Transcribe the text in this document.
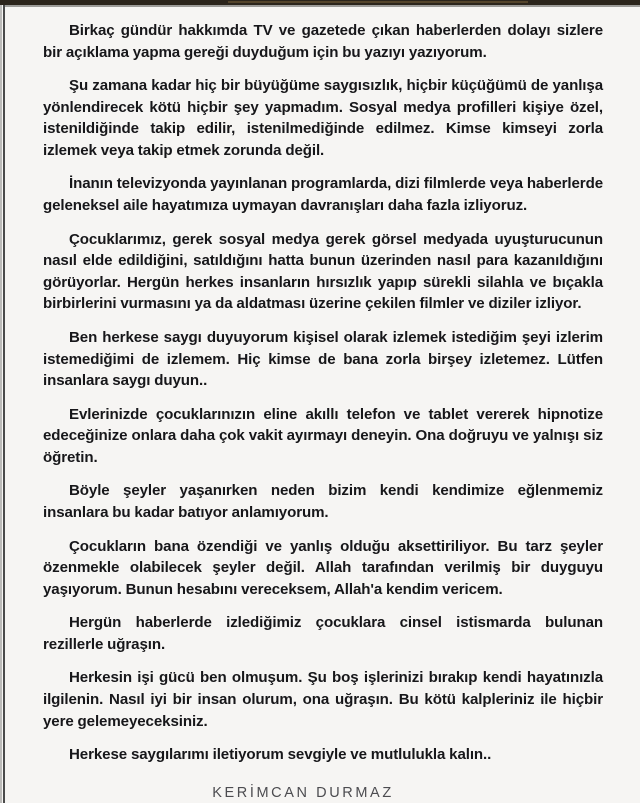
Birkaç gündür hakkımda TV ve gazetede çıkan haberlerden dolayı sizlere bir açıklama yapma gereği duyduğum için bu yazıyı yazıyorum.

Şu zamana kadar hiç bir büyüğüme saygısızlık, hiçbir küçüğümü de yanlışa yönlendirecek kötü hiçbir şey yapmadım. Sosyal medya profilleri kişiye özel, istenildiğinde takip edilir, istenilmediğinde edilmez. Kimse kimseyi zorla izlemek veya takip etmek zorunda değil.

İnanın televizyonda yayınlanan programlarda, dizi filmlerde veya haberlerde geleneksel aile hayatımıza uymayan davranışları daha fazla izliyoruz.

Çocuklarımız, gerek sosyal medya gerek görsel medyada uyuşturucunun nasıl elde edildiğini, satıldığını hatta bunun üzerinden nasıl para kazanıldığını görüyorlar. Hergün herkes insanların hırsızlık yapıp sürekli silahla ve bıçakla birbirlerini vurmasını ya da aldatması üzerine çekilen filmler ve diziler izliyor.

Ben herkese saygı duyuyorum kişisel olarak izlemek istediğim şeyi izlerim istemediğimi de izlemem. Hiç kimse de bana zorla birşey izletemez. Lütfen insanlara saygı duyun..

Evlerinizde çocuklarınızın eline akıllı telefon ve tablet vererek hipnotize edeceğinize onlara daha çok vakit ayırmayı deneyin. Ona doğruyu ve yalnışı siz öğretin.

Böyle şeyler yaşanırken neden bizim kendi kendimize eğlenmemiz insanlara bu kadar batıyor anlamıyorum.

Çocukların bana özendiği ve yanlış olduğu aksettiriliyor. Bu tarz şeyler özenmekle olabilecek şeyler değil. Allah tarafından verilmiş bir duyguyu yaşıyorum. Bunun hesabını vereceksem, Allah'a kendim vericem.

Hergün haberlerde izlediğimiz çocuklara cinsel istismarda bulunan rezillerle uğraşın.

Herkesin işi gücü ben olmuşum. Şu boş işlerinizi bırakıp kendi hayatınızla ilgilenin. Nasıl iyi bir insan olurum, ona uğraşın. Bu kötü kalpleriniz ile hiçbir yere gelemeyeceksiniz.

Herkese saygılarımı iletiyorum sevgiyle ve mutlulukla kalın..

KERİMCAN DURMAZ
